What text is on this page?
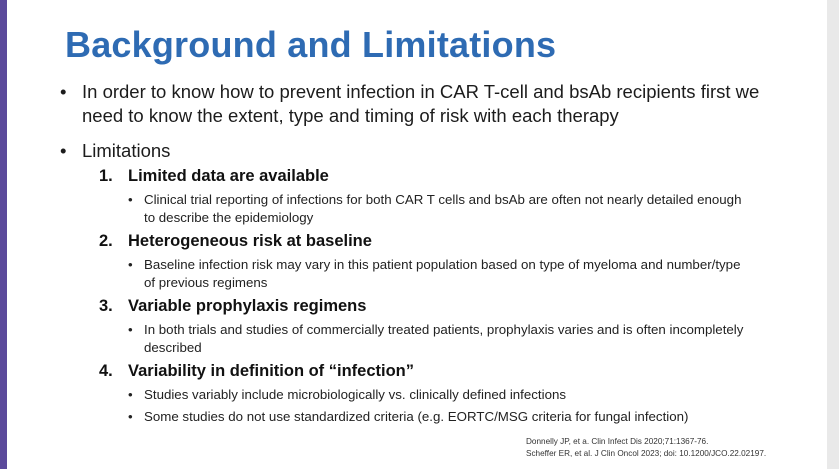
Background and Limitations
• In order to know how to prevent infection in CAR T-cell and bsAb recipients first we need to know the extent, type and timing of risk with each therapy
• Limitations
1. Limited data are available
• Clinical trial reporting of infections for both CAR T cells and bsAb are often not nearly detailed enough to describe the epidemiology
2. Heterogeneous risk at baseline
• Baseline infection risk may vary in this patient population based on type of myeloma and number/type of previous regimens
3. Variable prophylaxis regimens
• In both trials and studies of commercially treated patients, prophylaxis varies and is often incompletely described
4. Variability in definition of “infection”
• Studies variably include microbiologically vs. clinically defined infections
• Some studies do not use standardized criteria (e.g. EORTC/MSG criteria for fungal infection)
Donnelly JP, et a. Clin Infect Dis 2020;71:1367-76.
Scheffer ER, et al. J Clin Oncol 2023; doi: 10.1200/JCO.22.02197.
